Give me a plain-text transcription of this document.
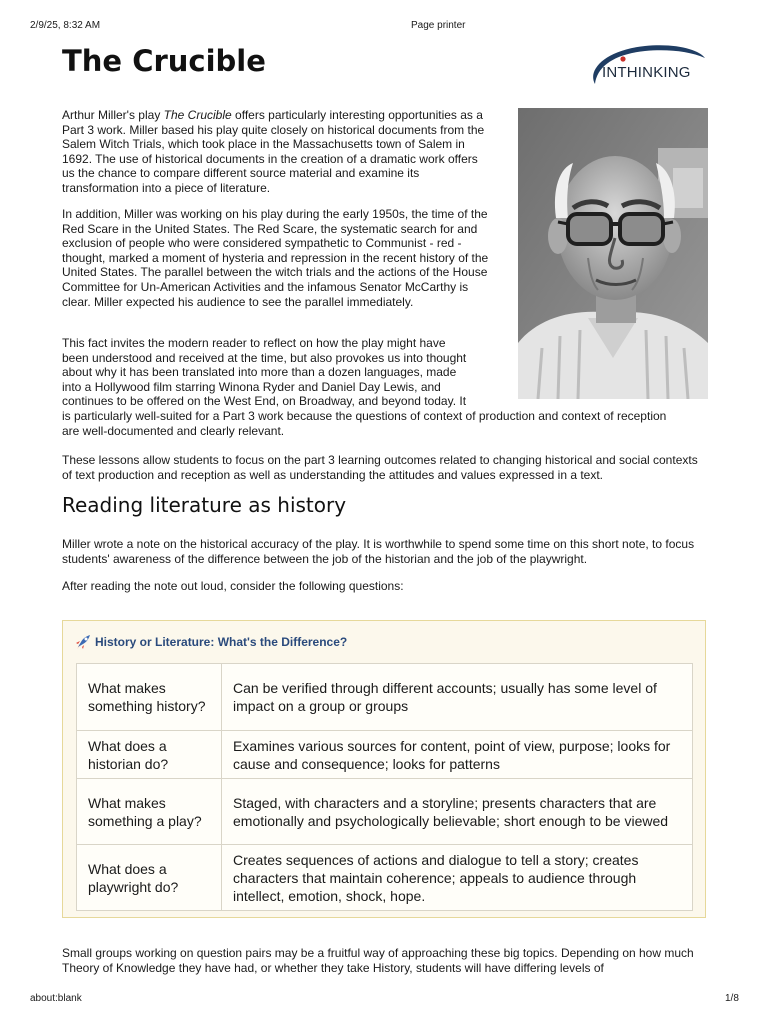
2/9/25, 8:32 AM	Page printer
about:blank	1/8
INTHINKING
The Crucible

Arthur Miller's play The Crucible offers particularly interesting opportunities as a Part 3 work. Miller based his play quite closely on historical documents from the Salem Witch Trials, which took place in the Massachusetts town of Salem in 1692. The use of historical documents in the creation of a dramatic work offers us the chance to compare different source material and examine its transformation into a piece of literature.

In addition, Miller was working on his play during the early 1950s, the time of the Red Scare in the United States. The Red Scare, the systematic search for and exclusion of people who were considered sympathetic to Communist - red - thought, marked a moment of hysteria and repression in the recent history of the United States. The parallel between the witch trials and the actions of the House Committee for Un-American Activities and the infamous Senator McCarthy is clear. Miller expected his audience to see the parallel immediately.

This fact invites the modern reader to reflect on how the play might have
been understood and received at the time, but also provokes us into thought
about why it has been translated into more than a dozen languages, made
into a Hollywood film starring Winona Ryder and Daniel Day Lewis, and
continues to be offered on the West End, on Broadway, and beyond today. It
is particularly well-suited for a Part 3 work because the questions of context of production and context of reception
are well-documented and clearly relevant.

These lessons allow students to focus on the part 3 learning outcomes related to changing historical and social contexts of text production and reception as well as understanding the attitudes and values expressed in a text.

Reading literature as history

Miller wrote a note on the historical accuracy of the play. It is worthwhile to spend some time on this short note, to focus students' awareness of the difference between the job of the historian and the job of the playwright.

After reading the note out loud, consider the following questions:

History or Literature: What's the Difference?
What makes something history?	Can be verified through different accounts; usually has some level of impact on a group or groups
What does a historian do?	Examines various sources for content, point of view, purpose; looks for cause and consequence; looks for patterns
What makes something a play?	Staged, with characters and a storyline; presents characters that are emotionally and psychologically believable; short enough to be viewed
What does a playwright do?	Creates sequences of actions and dialogue to tell a story; creates characters that maintain coherence; appeals to audience through intellect, emotion, shock, hope.

Small groups working on question pairs may be a fruitful way of approaching these big topics. Depending on how much Theory of Knowledge they have had, or whether they take History, students will have differing levels of
